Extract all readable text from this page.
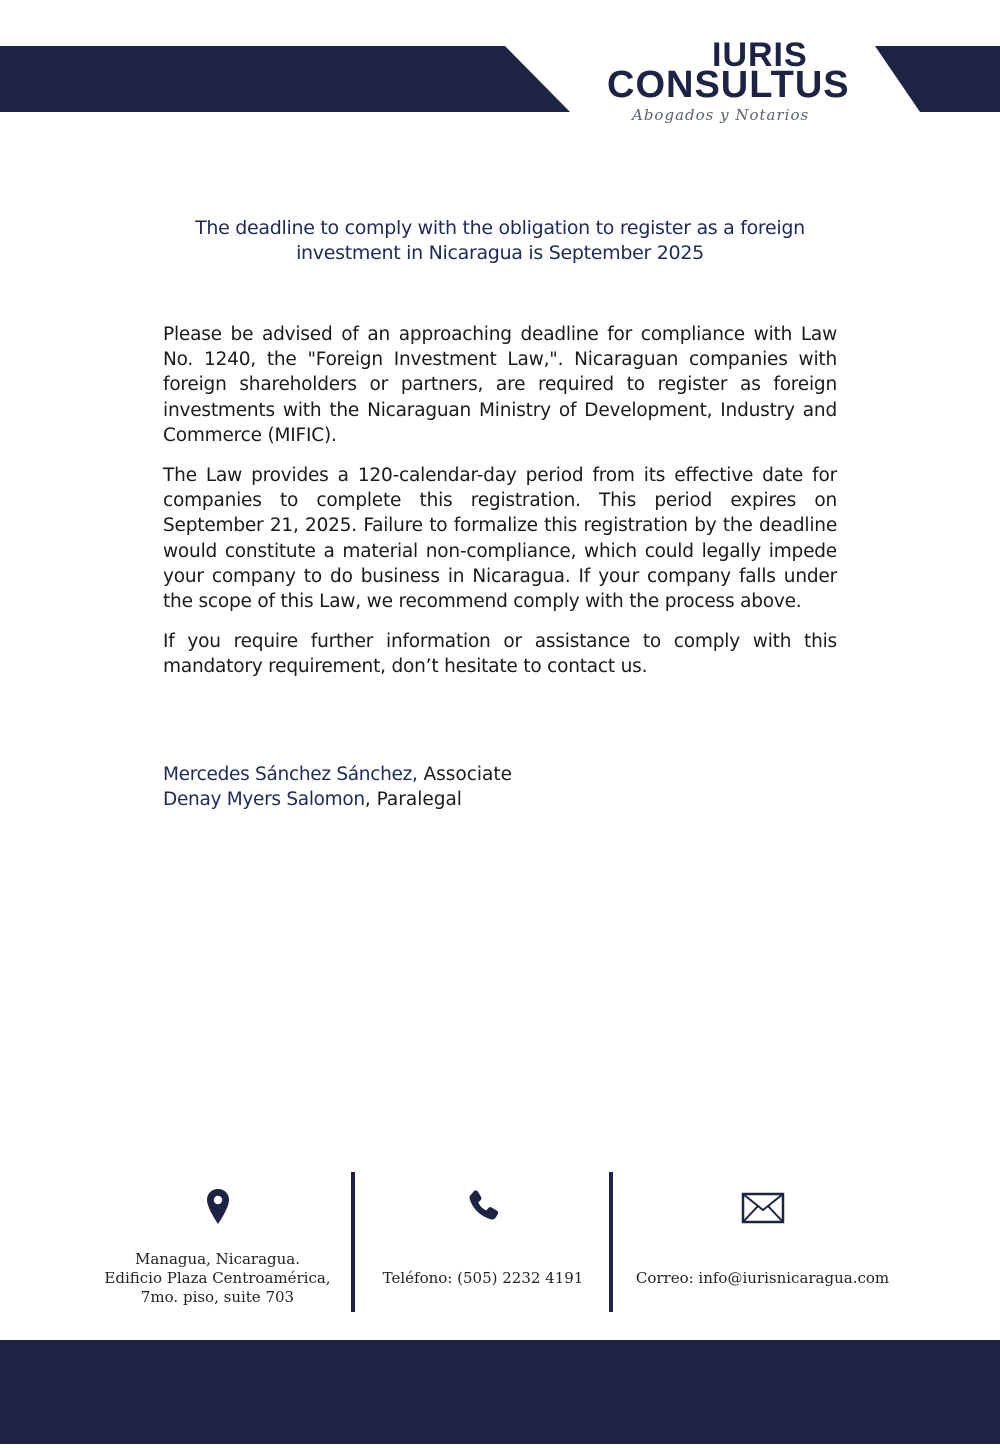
IURIS
CONSULTUS
Abogados y Notarios
The deadline to comply with the obligation to register as a foreign investment in Nicaragua is September 2025

Please be advised of an approaching deadline for compliance with Law No. 1240, the "Foreign Investment Law,". Nicaraguan companies with foreign shareholders or partners, are required to register as foreign investments with the Nicaraguan Ministry of Development, Industry and Commerce (MIFIC).

The Law provides a 120-calendar-day period from its effective date for companies to complete this registration. This period expires on September 21, 2025. Failure to formalize this registration by the deadline would constitute a material non-compliance, which could legally impede your company to do business in Nicaragua. If your company falls under the scope of this Law, we recommend comply with the process above.

If you require further information or assistance to comply with this mandatory requirement, don’t hesitate to contact us.

Mercedes Sánchez Sánchez, Associate
Denay Myers Salomon, Paralegal

Managua, Nicaragua.

Edificio Plaza Centroamérica,

7mo. piso, suite 703

Teléfono: (505) 2232 4191	Correo: info@iurisnicaragua.com
